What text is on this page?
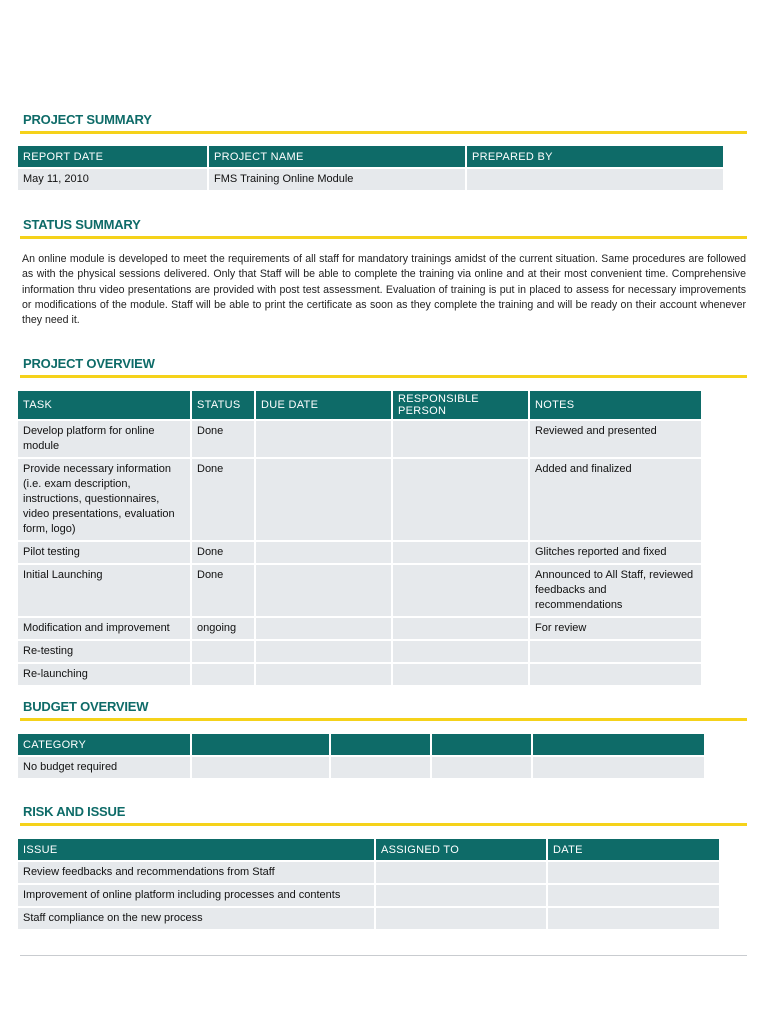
PROJECT SUMMARY
REPORT DATE	PROJECT NAME	PREPARED BY
May 11, 2010	FMS Training Online Module	
STATUS SUMMARY
An online module is developed to meet the requirements of all staff for mandatory trainings amidst of the current situation. Same procedures are followed as with the physical sessions delivered. Only that Staff will be able to complete the training via online and at their most convenient time. Comprehensive information thru video presentations are provided with post test assessment. Evaluation of training is put in placed to assess for necessary improvements or modifications of the module. Staff will be able to print the certificate as soon as they complete the training and will be ready on their account whenever they need it.
PROJECT OVERVIEW
TASK	STATUS	DUE DATE	RESPONSIBLE PERSON	NOTES
Develop platform for online module	Done			Reviewed and presented
Provide necessary information (i.e. exam description, instructions, questionnaires, video presentations, evaluation form, logo)	Done			Added and finalized
Pilot testing	Done			Glitches reported and fixed
Initial Launching	Done			Announced to All Staff, reviewed feedbacks and recommendations
Modification and improvement	ongoing			For review
Re-testing				
Re-launching				
BUDGET OVERVIEW
CATEGORY				
No budget required				
RISK AND ISSUE
ISSUE	ASSIGNED TO	DATE
Review feedbacks and recommendations from Staff		
Improvement of online platform including processes and contents		
Staff compliance on the new process		
